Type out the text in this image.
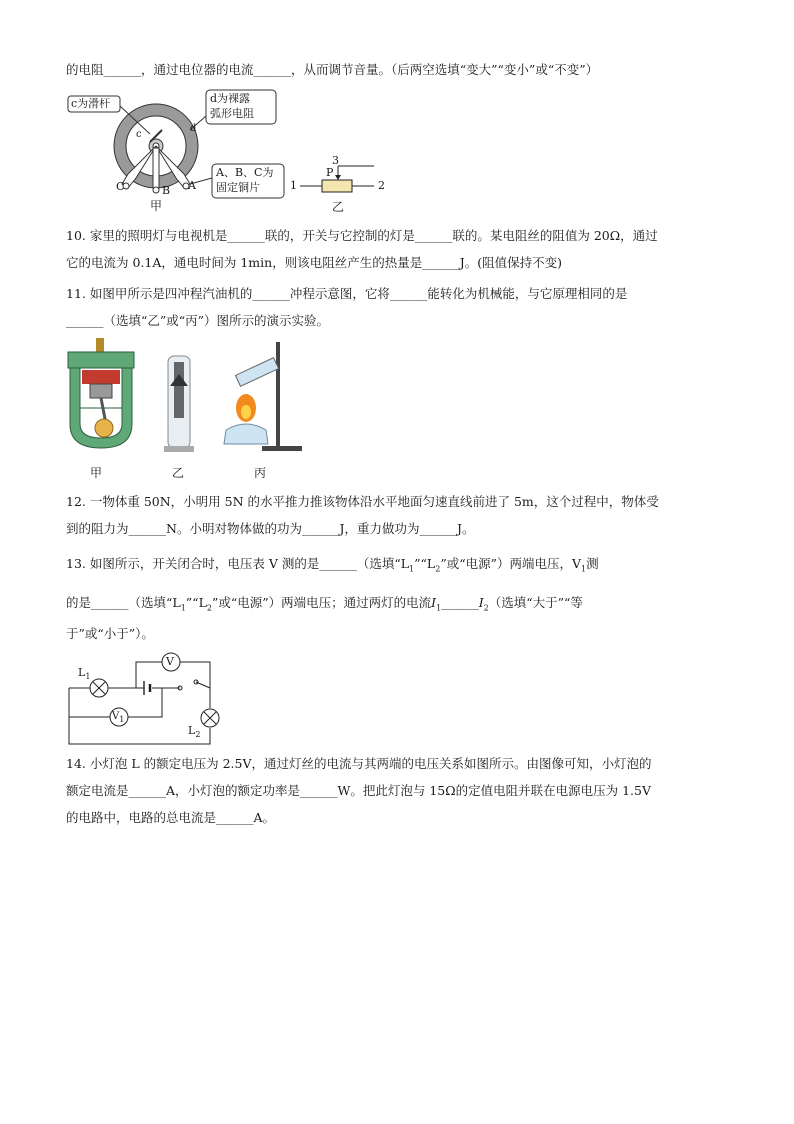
的电阻______，通过电位器的电流______，从而调节音量。（后两空选填“变大”“变小”或“不变”）
c为滑杆	d为裸露
弧形电阻
A、B、C为
固定铜片
c
d
C	B A
甲
3
P
1	2
乙
10. 家里的照明灯与电视机是______联的，开关与它控制的灯是______联的。某电阻丝的阻值为 20Ω，通过
它的电流为 0.1A，通电时间为 1min，则该电阻丝产生的热量是______J。(阻值保持不变)
11. 如图甲所示是四冲程汽油机的______冲程示意图，它将______能转化为机械能，与它原理相同的是
______（选填“乙”或“丙”）图所示的演示实验。
甲	乙	丙
12. 一物体重 50N，小明用 5N 的水平推力推该物体沿水平地面匀速直线前进了 5m，这个过程中，物体受
到的阻力为______N。小明对物体做的功为______J，重力做功为______J。
13. 如图所示，开关闭合时，电压表 V 测的是______（选填“$L_1”“L_2$”或“电源”）两端电压，$V_1$测
的是______（选填“$L_1”“L_2$”或“电源”）两端电压；通过两灯的电流$I_1\_\_\_\_\_\_I_2$（选填“大于”“等
于”或“小于”）。
V
$V_1$
$L_1$
$L_2$
14. 小灯泡 L 的额定电压为 2.5V，通过灯丝的电流与其两端的电压关系如图所示。由图像可知，小灯泡的
额定电流是______A，小灯泡的额定功率是______W。把此灯泡与 15Ω的定值电阻并联在电源电压为 1.5V
的电路中，电路的总电流是______A。
